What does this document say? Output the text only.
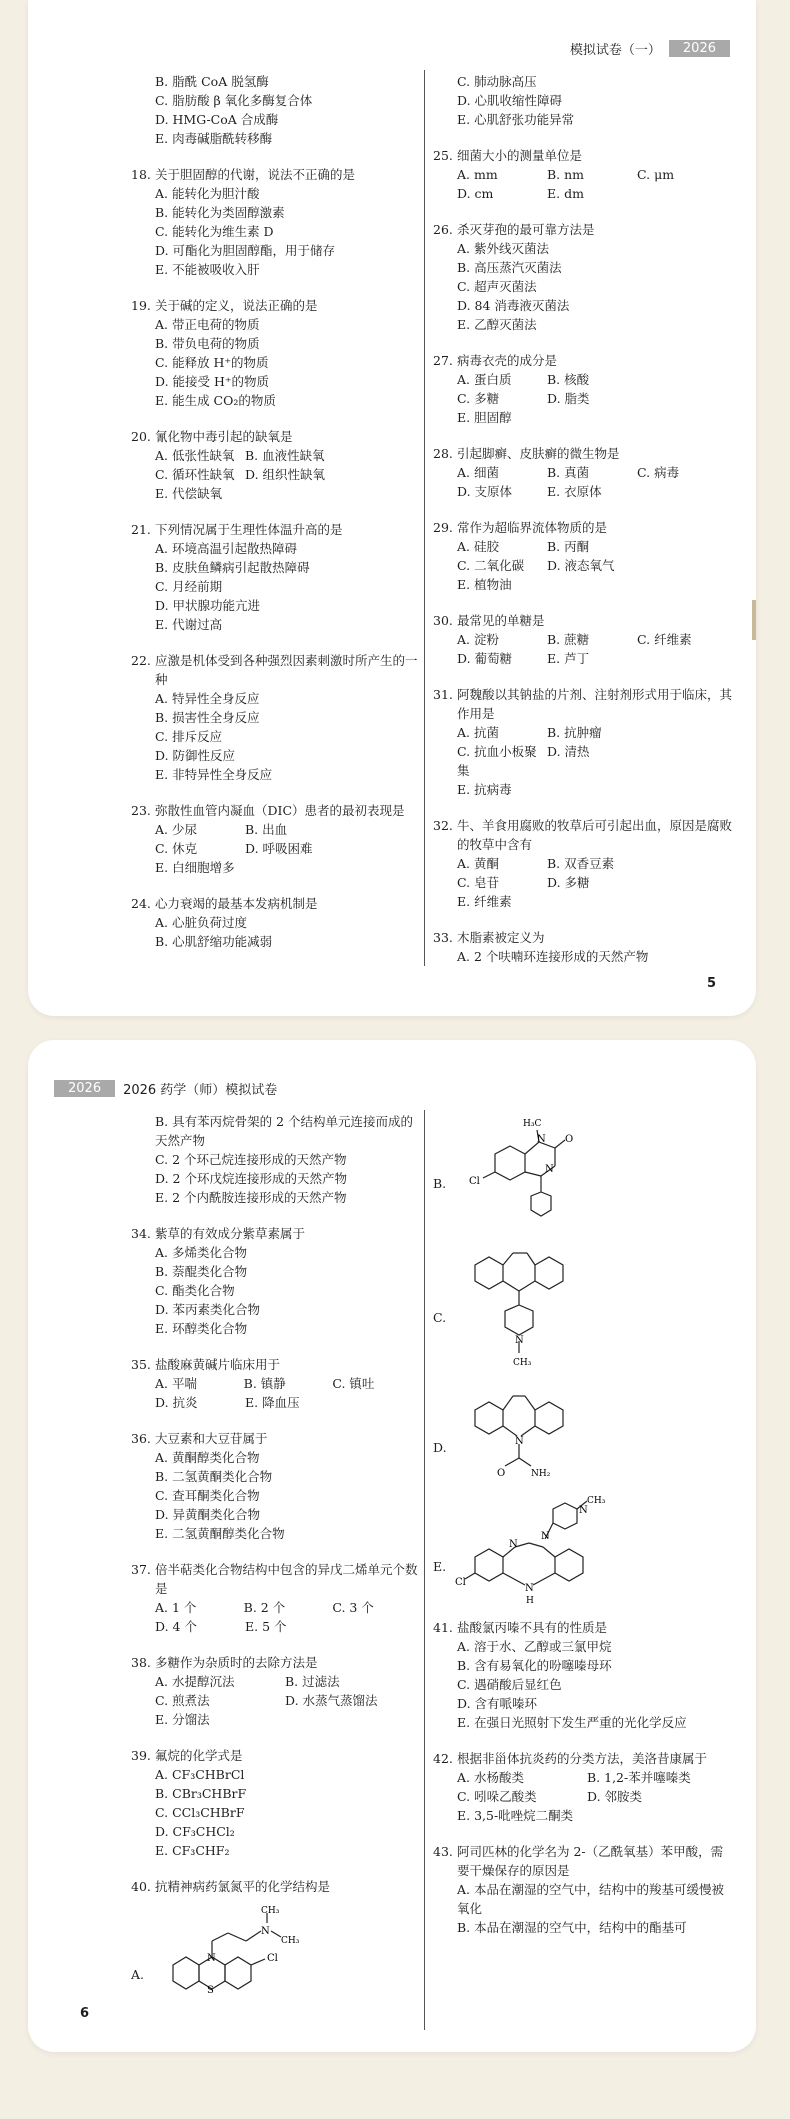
模拟试卷（一）	2026
B. 脂酰 CoA 脱氢酶
C. 脂肪酸 β 氧化多酶复合体
D. HMG-CoA 合成酶
E. 肉毒碱脂酰转移酶
18. 关于胆固醇的代谢，说法不正确的是
A. 能转化为胆汁酸
B. 能转化为类固醇激素
C. 能转化为维生素 D
D. 可酯化为胆固醇酯，用于储存
E. 不能被吸收入肝
19. 关于碱的定义，说法正确的是
A. 带正电荷的物质
B. 带负电荷的物质
C. 能释放 H⁺的物质
D. 能接受 H⁺的物质
E. 能生成 CO₂的物质
20. 氰化物中毒引起的缺氧是
A. 低张性缺氧 B. 血液性缺氧
C. 循环性缺氧 D. 组织性缺氧
E. 代偿缺氧
21. 下列情况属于生理性体温升高的是
A. 环境高温引起散热障碍
B. 皮肤鱼鳞病引起散热障碍
C. 月经前期
D. 甲状腺功能亢进
E. 代谢过高
22. 应激是机体受到各种强烈因素刺激时所产生的一种
A. 特异性全身反应
B. 损害性全身反应
C. 排斥反应
D. 防御性反应
E. 非特异性全身反应
23. 弥散性血管内凝血（DIC）患者的最初表现是
A. 少尿	B. 出血
C. 休克	D. 呼吸困难
E. 白细胞增多
24. 心力衰竭的最基本发病机制是
A. 心脏负荷过度
B. 心肌舒缩功能减弱
C. 肺动脉高压
D. 心肌收缩性障碍
E. 心肌舒张功能异常
25. 细菌大小的测量单位是
A. mm	B. nm	C. μm
D. cm	E. dm
26. 杀灭芽孢的最可靠方法是
A. 紫外线灭菌法
B. 高压蒸汽灭菌法
C. 超声灭菌法
D. 84 消毒液灭菌法
E. 乙醇灭菌法
27. 病毒衣壳的成分是
A. 蛋白质	B. 核酸
C. 多糖	D. 脂类
E. 胆固醇
28. 引起脚癣、皮肤癣的微生物是
A. 细菌	B. 真菌	C. 病毒
D. 支原体	E. 衣原体
29. 常作为超临界流体物质的是
A. 硅胶	B. 丙酮
C. 二氧化碳	D. 液态氧气
E. 植物油
30. 最常见的单糖是
A. 淀粉	B. 蔗糖	C. 纤维素
D. 葡萄糖	E. 芦丁
31. 阿魏酸以其钠盐的片剂、注射剂形式用于临床，其作用是
A. 抗菌	B. 抗肿瘤
C. 抗血小板聚集
D. 清热
E. 抗病毒
32. 牛、羊食用腐败的牧草后可引起出血，原因是腐败的牧草中含有
A. 黄酮	B. 双香豆素
C. 皂苷	D. 多糖
E. 纤维素
33. 木脂素被定义为
A. 2 个呋喃环连接形成的天然产物
5
2026	2026 药学（师）模拟试卷
B. 具有苯丙烷骨架的 2 个结构单元连接而成的天然产物
C. 2 个环己烷连接形成的天然产物
D. 2 个环戊烷连接形成的天然产物
E. 2 个内酰胺连接形成的天然产物
34. 紫草的有效成分紫草素属于
A. 多烯类化合物
B. 萘醌类化合物
C. 酯类化合物
D. 苯丙素类化合物
E. 环醇类化合物
35. 盐酸麻黄碱片临床用于
A. 平喘	B. 镇静	C. 镇吐
D. 抗炎	E. 降血压
36. 大豆素和大豆苷属于
A. 黄酮醇类化合物
B. 二氢黄酮类化合物
C. 查耳酮类化合物
D. 异黄酮类化合物
E. 二氢黄酮醇类化合物
37. 倍半萜类化合物结构中包含的异戊二烯单元个数是
A. 1 个	B. 2 个	C. 3 个
D. 4 个	E. 5 个
38. 多糖作为杂质时的去除方法是
A. 水提醇沉法	B. 过滤法
C. 煎煮法	D. 水蒸气蒸馏法
E. 分馏法
39. 氟烷的化学式是
A. CF₃CHBrCl
B. CBr₃CHBrF
C. CCl₃CHBrF
D. CF₃CHCl₂
E. CF₃CHF₂
40. 抗精神病药氯氮平的化学结构是
A.
N
CH₃
N
S
Cl
CH₃
B.
H₃C
N O
N
Cl
C.
N
CH₃
D.	N
O	NH₂
E.
CH₃
N
N
N
Cl
N
H
41. 盐酸氯丙嗪不具有的性质是
A. 溶于水、乙醇或三氯甲烷
B. 含有易氧化的吩噻嗪母环
C. 遇硝酸后显红色
D. 含有哌嗪环
E. 在强日光照射下发生严重的光化学反应
42. 根据非甾体抗炎药的分类方法，美洛昔康属于
A. 水杨酸类	B. 1,2-苯并噻嗪类
C. 吲哚乙酸类	D. 邻胺类
E. 3,5-吡唑烷二酮类
43. 阿司匹林的化学名为 2-（乙酰氧基）苯甲酸，需要干燥保存的原因是
A. 本品在潮湿的空气中，结构中的羧基可缓慢被氧化
B. 本品在潮湿的空气中，结构中的酯基可
6
